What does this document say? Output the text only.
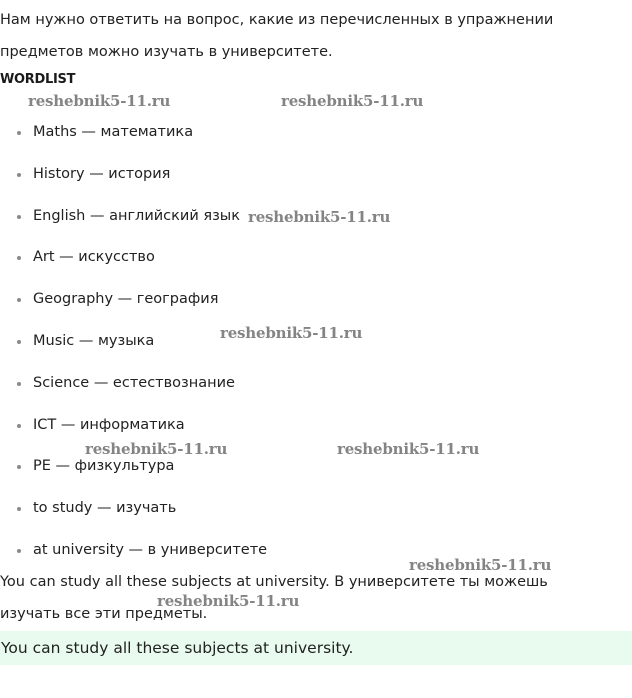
Нам нужно ответить на вопрос, какие из перечисленных в упражнении предметов можно изучать в университете.

WORDLIST
Maths — математика
History — история
English — английский язык
Art — искусство
Geography — география
Music — музыка
Science — естествознание
ICT — информатика
PE — физкультура
to study — изучать
at university — в университете

You can study all these subjects at university. В университете ты можешь изучать все эти предметы.

You can study all these subjects at university.
reshebnik5-11.ru	reshebnik5-11.ru
reshebnik5-11.ru
reshebnik5-11.ru
reshebnik5-11.ru	reshebnik5-11.ru
reshebnik5-11.ru
reshebnik5-11.ru
